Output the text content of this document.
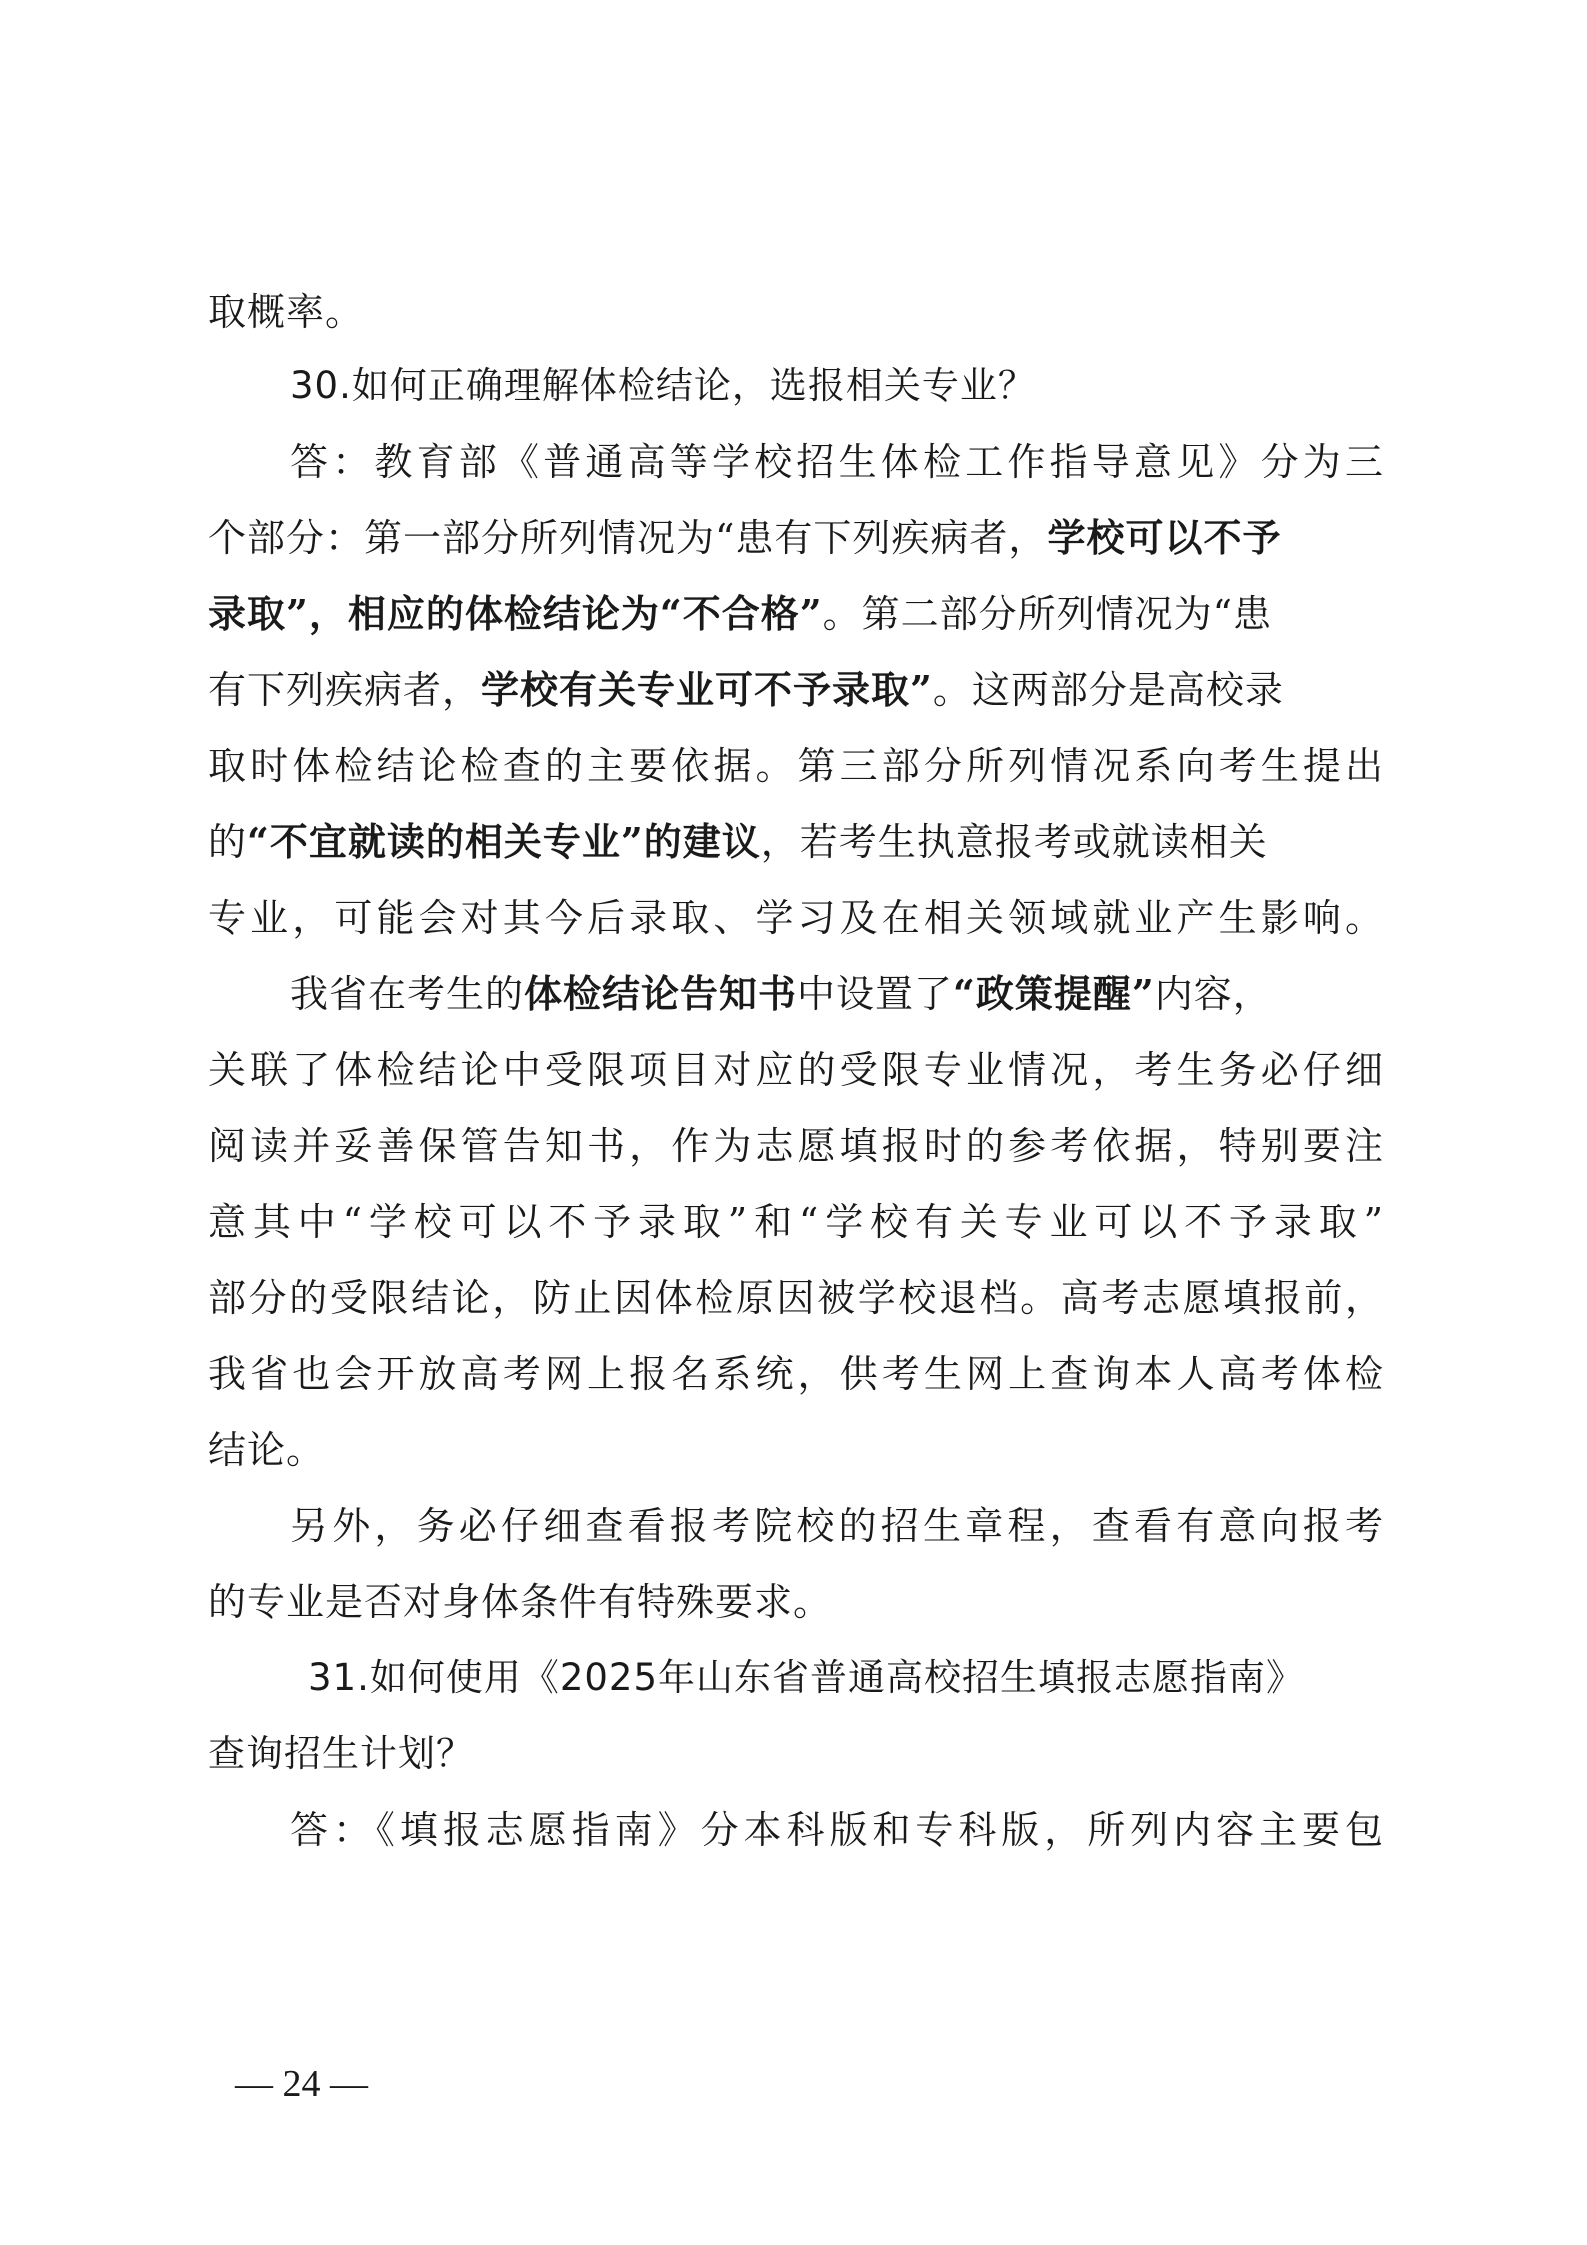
取概率。
30.如何正确理解体检结论，选报相关专业？
答：教育部《普通高等学校招生体检工作指导意见》分为三
个部分：第一部分所列情况为“患有下列疾病者，学校可以不予
录取”，相应的体检结论为“不合格”。第二部分所列情况为“患
有下列疾病者，学校有关专业可不予录取”。这两部分是高校录
取时体检结论检查的主要依据。第三部分所列情况系向考生提出
的“不宜就读的相关专业”的建议，若考生执意报考或就读相关
专业，可能会对其今后录取、学习及在相关领域就业产生影响。
我省在考生的体检结论告知书中设置了“政策提醒”内容，
关联了体检结论中受限项目对应的受限专业情况，考生务必仔细
阅读并妥善保管告知书，作为志愿填报时的参考依据，特别要注
意其中“学校可以不予录取”和“学校有关专业可以不予录取”
部分的受限结论，防止因体检原因被学校退档。高考志愿填报前，
我省也会开放高考网上报名系统，供考生网上查询本人高考体检
结论。
另外，务必仔细查看报考院校的招生章程，查看有意向报考
的专业是否对身体条件有特殊要求。
31.如何使用《2025年山东省普通高校招生填报志愿指南》
查询招生计划？
答：《填报志愿指南》分本科版和专科版，所列内容主要包
— 24 —
